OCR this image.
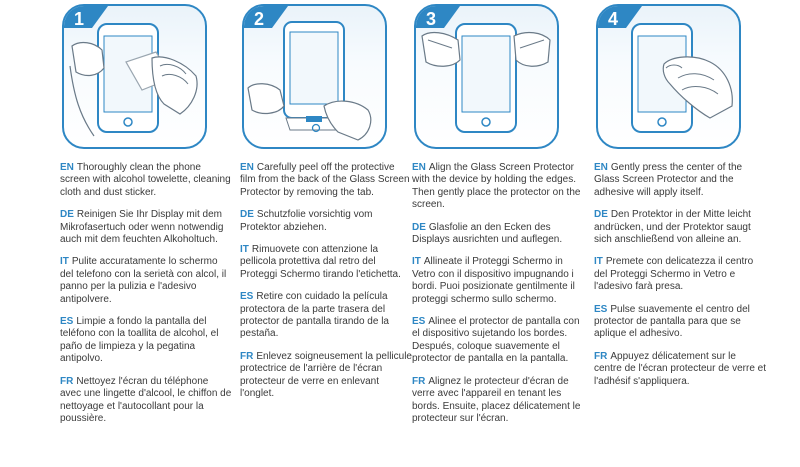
1

EN Thoroughly clean the phone screen with alcohol towelette, cleaning cloth and dust sticker.

DE Reinigen Sie Ihr Display mit dem Mikrofasertuch oder wenn notwendig auch mit dem feuchten Alkoholtuch.

IT Pulite accuratamente lo schermo del telefono con la serietà con alcol, il panno per la pulizia e l'adesivo antipolvere.

ES Limpie a fondo la pantalla del teléfono con la toallita de alcohol, el paño de limpieza y la pegatina antipolvo.

FR Nettoyez l'écran du téléphone avec une lingette d'alcool, le chiffon de nettoyage et l'autocollant pour la poussière.

2

EN Carefully peel off the protective film from the back of the Glass Screen Protector by removing the tab.

DE Schutzfolie vorsichtig vom Protektor abziehen.

IT Rimuovete con attenzione la pellicola protettiva dal retro del Proteggi Schermo tirando l'etichetta.

ES Retire con cuidado la película protectora de la parte trasera del protector de pantalla tirando de la pestaña.

FR Enlevez soigneusement la pellicule protectrice de l'arrière de l'écran protecteur de verre en enlevant l'onglet.

3

EN Align the Glass Screen Protector with the device by holding the edges. Then gently place the protector on the screen.

DE Glasfolie an den Ecken des Displays ausrichten und auflegen.

IT Allineate il Proteggi Schermo in Vetro con il dispositivo impugnando i bordi. Puoi posizionate gentilmente il proteggi schermo sullo schermo.

ES Alinee el protector de pantalla con el dispositivo sujetando los bordes. Después, coloque suavemente el protector de pantalla en la pantalla.

FR Alignez le protecteur d'écran de verre avec l'appareil en tenant les bords. Ensuite, placez délicatement le protecteur sur l'écran.

4

EN Gently press the center of the Glass Screen Protector and the adhesive will apply itself.

DE Den Protektor in der Mitte leicht andrücken, und der Protektor saugt sich anschließend von alleine an.

IT Premete con delicatezza il centro del Proteggi Schermo in Vetro e l'adesivo farà presa.

ES Pulse suavemente el centro del protector de pantalla para que se aplique el adhesivo.

FR Appuyez délicatement sur le centre de l'écran protecteur de verre et l'adhésif s'appliquera.
